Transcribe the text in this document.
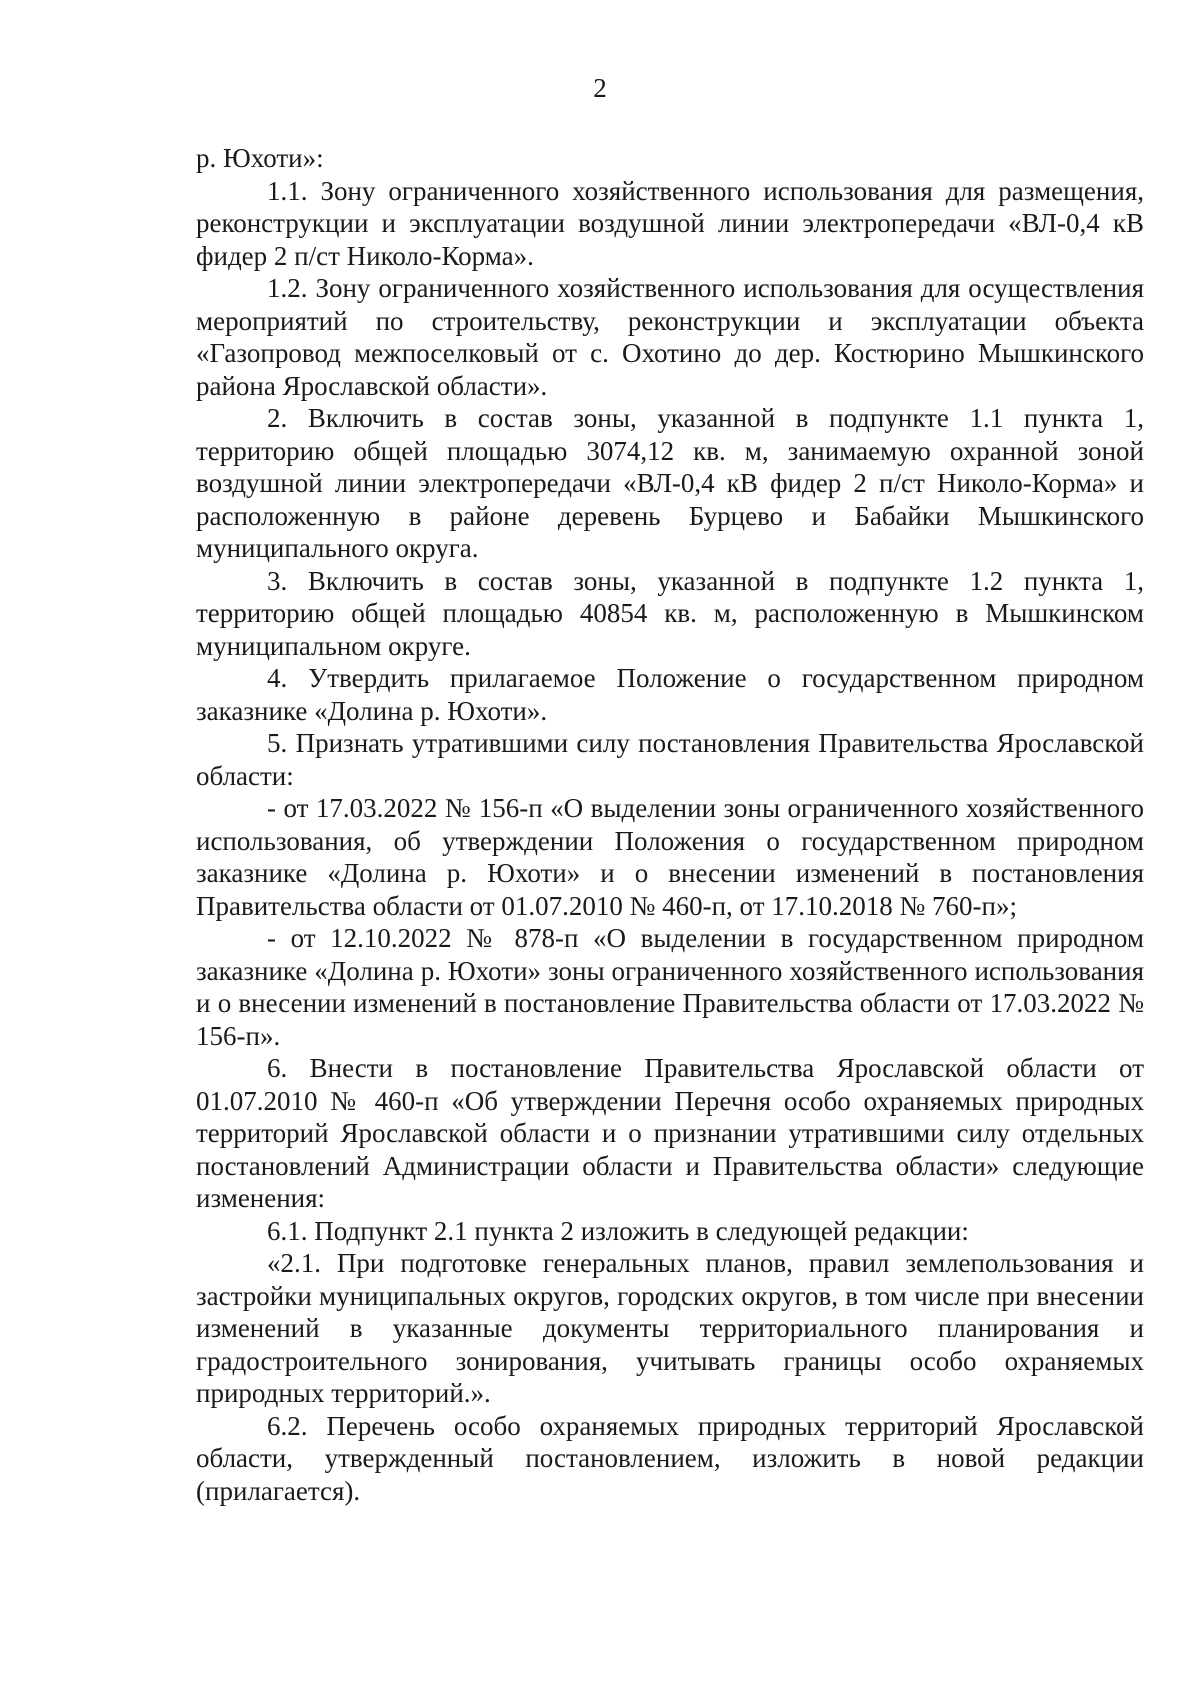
2

р. Юхоти»:

1.1. Зону ограниченного хозяйственного использования для размещения, реконструкции и эксплуатации воздушной линии электропередачи «ВЛ-0,4 кВ фидер 2 п/ст Николо-Корма».

1.2. Зону ограниченного хозяйственного использования для осуществления мероприятий по строительству, реконструкции и эксплуатации объекта «Газопровод межпоселковый от с. Охотино до дер. Костюрино Мышкинского района Ярославской области».

2. Включить в состав зоны, указанной в подпункте 1.1 пункта 1, территорию общей площадью 3074,12 кв. м, занимаемую охранной зоной воздушной линии электропередачи «ВЛ-0,4 кВ фидер 2 п/ст Николо-Корма» и расположенную в районе деревень Бурцево и Бабайки Мышкинского муниципального округа.

3. Включить в состав зоны, указанной в подпункте 1.2 пункта 1, территорию общей площадью 40854 кв. м, расположенную в Мышкинском муниципальном округе.

4. Утвердить прилагаемое Положение о государственном природном заказнике «Долина р. Юхоти».

5. Признать утратившими силу постановления Правительства Ярославской области:

- от 17.03.2022 № 156-п «О выделении зоны ограниченного хозяйственного использования, об утверждении Положения о государственном природном заказнике «Долина р. Юхоти» и о внесении изменений в постановления Правительства области от 01.07.2010 № 460-п, от 17.10.2018 № 760-п»;

- от 12.10.2022 № 878-п «О выделении в государственном природном заказнике «Долина р. Юхоти» зоны ограниченного хозяйственного использования и о внесении изменений в постановление Правительства области от 17.03.2022 № 156-п».

6. Внести в постановление Правительства Ярославской области от 01.07.2010 № 460-п «Об утверждении Перечня особо охраняемых природных территорий Ярославской области и о признании утратившими силу отдельных постановлений Администрации области и Правительства области» следующие изменения:

6.1. Подпункт 2.1 пункта 2 изложить в следующей редакции:

«2.1. При подготовке генеральных планов, правил землепользования и застройки муниципальных округов, городских округов, в том числе при внесении изменений в указанные документы территориального планирования и градостроительного зонирования, учитывать границы особо охраняемых природных территорий.».

6.2. Перечень особо охраняемых природных территорий Ярославской области, утвержденный постановлением, изложить в новой редакции (прилагается).
